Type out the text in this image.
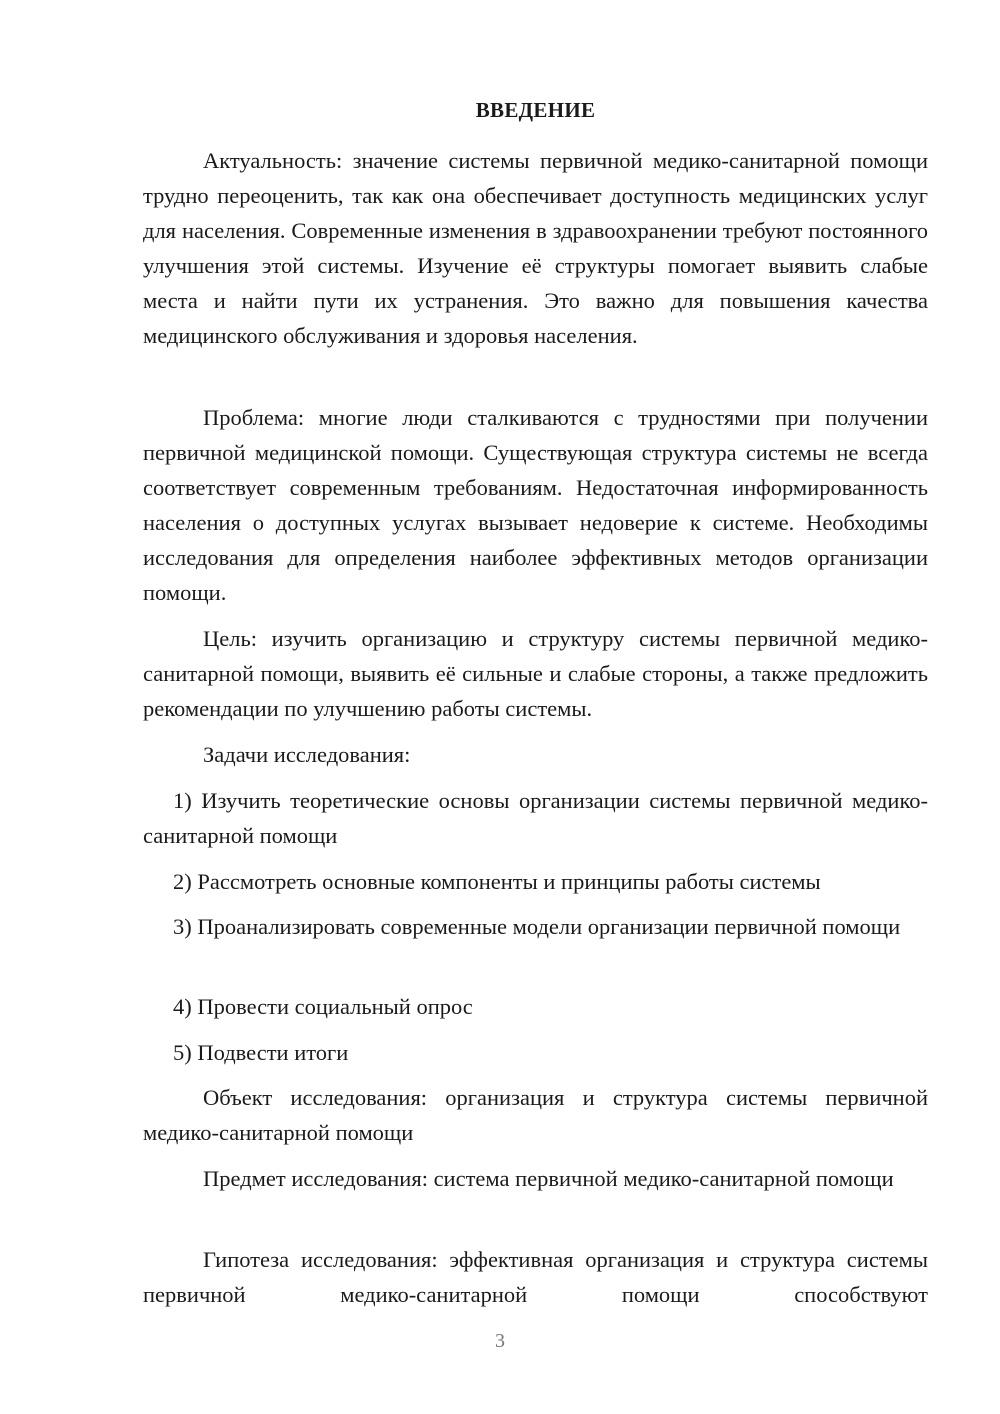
ВВЕДЕНИЕ

Актуальность: значение системы первичной медико-санитарной помощи трудно переоценить, так как она обеспечивает доступность медицинских услуг для населения. Современные изменения в здравоохранении требуют постоянного улучшения этой системы. Изучение её структуры помогает выявить слабые места и найти пути их устранения. Это важно для повышения качества медицинского обслуживания и здоровья населения.

Проблема: многие люди сталкиваются с трудностями при получении первичной медицинской помощи. Существующая структура системы не всегда соответствует современным требованиям. Недостаточная информированность населения о доступных услугах вызывает недоверие к системе. Необходимы исследования для определения наиболее эффективных методов организации помощи.

Цель: изучить организацию и структуру системы первичной медико-санитарной помощи, выявить её сильные и слабые стороны, а также предложить рекомендации по улучшению работы системы.

Задачи исследования:

1) Изучить теоретические основы организации системы первичной медико-санитарной помощи

2) Рассмотреть основные компоненты и принципы работы системы

3) Проанализировать современные модели организации первичной помощи

4) Провести социальный опрос

5) Подвести итоги

Объект исследования: организация и структура системы первичной медико-санитарной помощи

Предмет исследования: система первичной медико-санитарной помощи

Гипотеза исследования: эффективная организация и структура системы первичной медико-санитарной помощи способствуют

3
